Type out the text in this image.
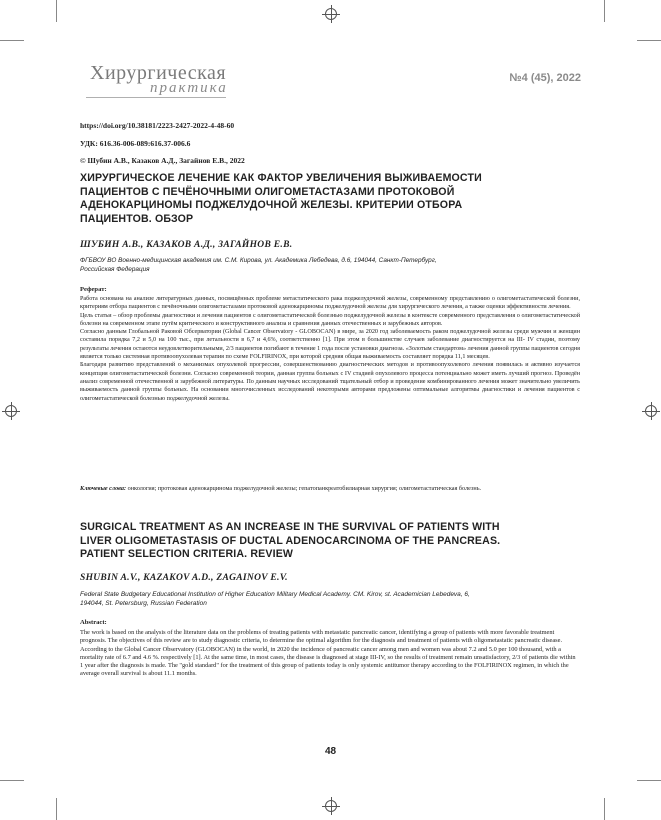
Хирургическая
практика
№4 (45), 2022
https://doi.org/10.38181/2223-2427-2022-4-48-60
УДК: 616.36-006-089:616.37-006.6
© Шубин А.В., Казаков А.Д., Загайнов Е.В., 2022
ХИРУРГИЧЕСКОЕ ЛЕЧЕНИЕ КАК ФАКТОР УВЕЛИЧЕНИЯ ВЫЖИВАЕМОСТИ
ПАЦИЕНТОВ С ПЕЧЁНОЧНЫМИ ОЛИГОМЕТАСТАЗАМИ ПРОТОКОВОЙ
АДЕНОКАРЦИНОМЫ ПОДЖЕЛУДОЧНОЙ ЖЕЛЕЗЫ. КРИТЕРИИ ОТБОРА
ПАЦИЕНТОВ. ОБЗОР
ШУБИН А.В., КАЗАКОВ А.Д., ЗАГАЙНОВ Е.В.
ФГБВОУ ВО Военно-медицинская академия им. С.М. Кирова, ул. Академика Лебедева, д.6, 194044, Санкт-Петербург,
Российская Федерация
Реферат:

Работа основана на анализе литературных данных, посвящённых проблеме метастатического рака поджелудочной железы, современному представлению о олигометастатической болезни, критериям отбора пациентов с печёночными олигометастазами протоковой аденокарциномы поджелудочной железы для хирургического лечения, а также оценки эффективности лечения.

Цель статьи – обзор проблемы диагностики и лечения пациентов с олигометастатической болезнью поджелудочной железы в контексте современного представления о олигометастатической болезни на современном этапе путём критического и конструктивного анализа и сравнения данных отечественных и зарубежных авторов.

Согласно данным Глобальной Раковой Обсерватории (Global Cancer Observatory - GLOBOCAN) в мире, за 2020 год заболеваемость раком поджелудочной железы среди мужчин и женщин составила порядка 7,2 и 5,0 на 100 тыс., при летальности в 6,7 и 4,6%, соответственно [1]. При этом в большинстве случаев заболевание диагностируется на III- IV стадии, поэтому результаты лечения остаются неудовлетворительными, 2/3 пациентов погибают в течение 1 года после установки диагноза. «Золотым стандартом» лечения данной группы пациентов сегодня является только системная противоопухолевая терапия по схеме FOLFIRINOX, при которой средняя общая выживаемость составляет порядка 11,1 месяцев.

Благодаря развитию представлений о механизмах опухолевой прогрессии, совершенствованию диагностических методов и противоопухолевого лечения появилась и активно изучается концепция олигометастатической болезни. Согласно современной теории, данная группа больных с IV стадией опухолевого процесса потенциально может иметь лучший прогноз. Проведён анализ современной отечественной и зарубежной литературы. По данным научных исследований тщательный отбор и проведение комбинированного лечения может значительно увеличить выживаемость данной группы больных. На основании многочисленных исследований некоторыми авторами предложены оптимальные алгоритмы диагностики и лечения пациентов с олигометастатической болезнью поджелудочной железы.

Ключевые слова: онкология; протоковая аденокарцинома поджелудочной железы; гепатопанкреатобилиарная хирургия; олигометастатическая болезнь.
SURGICAL TREATMENT AS AN INCREASE IN THE SURVIVAL OF PATIENTS WITH
LIVER OLIGOMETASTASIS OF DUCTAL ADENOCARCINOMA OF THE PANCREAS.
PATIENT SELECTION CRITERIA. REVIEW
SHUBIN A.V., KAZAKOV A.D., ZAGAINOV E.V.
Federal State Budgetary Educational Institution of Higher Education Military Medical Academy. CM. Kirov, st. Academician Lebedeva, 6,
194044, St. Petersburg, Russian Federation
Abstract:

The work is based on the analysis of the literature data on the problems of treating patients with metastatic pancreatic cancer, identifying a group of patients with more favorable treatment prognosis. The objectives of this review are to study diagnostic criteria, to determine the optimal algorithm for the diagnosis and treatment of patients with oligometastatic pancreatic disease.

According to the Global Cancer Observatory (GLOBOCAN) in the world, in 2020 the incidence of pancreatic cancer among men and women was about 7.2 and 5.0 per 100 thousand, with a mortality rate of 6.7 and 4.6 %. respectively [1]. At the same time, in most cases, the disease is diagnosed at stage III-IV, so the results of treatment remain unsatisfactory, 2/3 of patients die within 1 year after the diagnosis is made. The "gold standard" for the treatment of this group of patients today is only systemic antitumor therapy according to the FOLFIRINOX regimen, in which the average overall survival is about 11.1 months.

48
